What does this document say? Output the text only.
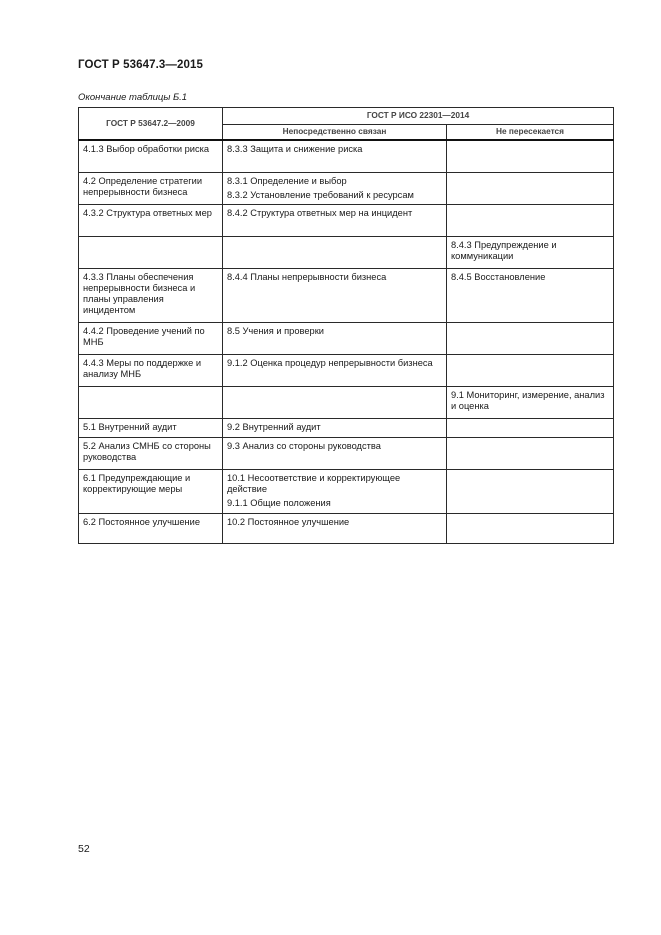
ГОСТ Р 53647.3—2015
Окончание таблицы Б.1
ГОСТ Р 53647.2—2009	ГОСТ Р ИСО 22301—2014	
	Непосредственно связан	Не пересекается

4.1.3 Выбор обработки риска	8.3.3 Защита и снижение риска	

4.2 Определение стратегии непрерывности бизнеса	8.3.1 Определение и выбор
8.3.2 Установление требований к ресурсам	

4.3.2 Структура ответных мер	8.4.2 Структура ответных мер на инцидент	

		8.4.3 Предупреждение и коммуникации

4.3.3 Планы обеспечения непрерывности бизнеса и планы управления инцидентом	8.4.4 Планы непрерывности бизнеса	8.4.5 Восстановление

4.4.2 Проведение учений по МНБ	8.5 Учения и проверки	

4.4.3 Меры по поддержке и анализу МНБ	9.1.2 Оценка процедур непрерывности бизнеса	

		9.1 Мониторинг, измерение, анализ и оценка

5.1 Внутренний аудит	9.2 Внутренний аудит	

5.2 Анализ СМНБ со стороны руководства	9.3 Анализ со стороны руководства	

6.1 Предупреждающие и корректирующие меры	10.1 Несоответствие и корректирующее действие
9.1.1 Общие положения	

6.2 Постоянное улучшение	10.2 Постоянное улучшение	

52
